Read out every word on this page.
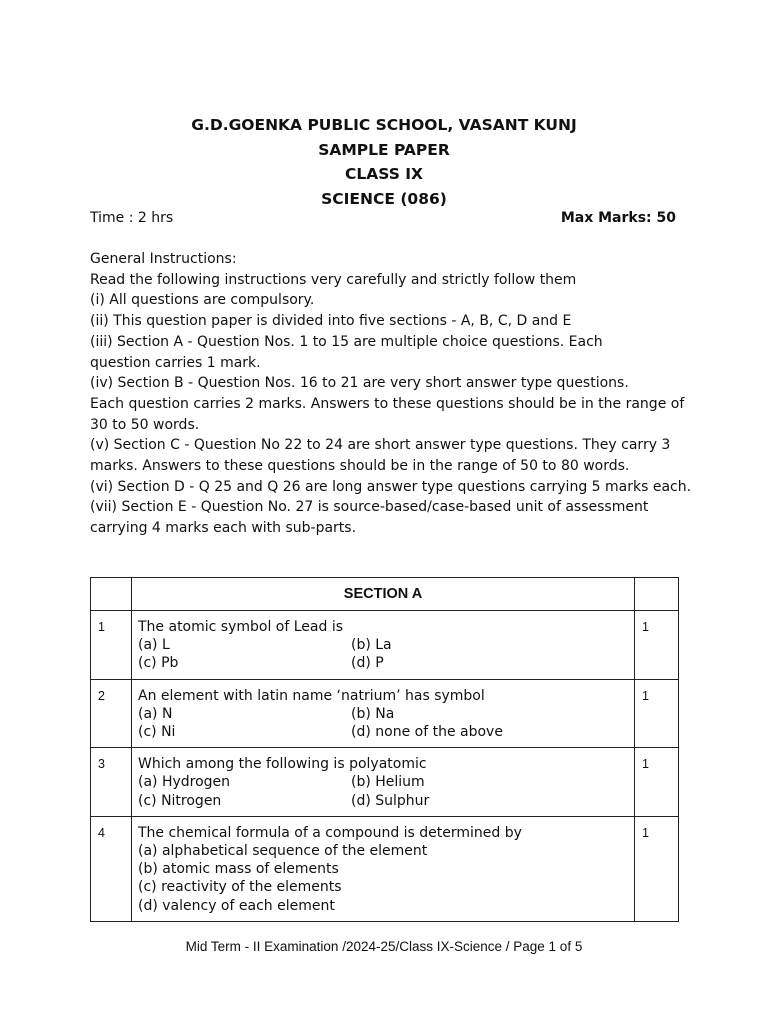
G.D.GOENKA PUBLIC SCHOOL, VASANT KUNJ
SAMPLE PAPER
CLASS IX
SCIENCE (086)
Time : 2 hrs	Max Marks: 50
General Instructions:
Read the following instructions very carefully and strictly follow them
(i) All questions are compulsory.
(ii) This question paper is divided into five sections - A, B, C, D and E
(iii) Section A - Question Nos. 1 to 15 are multiple choice questions. Each
question carries 1 mark.
(iv) Section B - Question Nos. 16 to 21 are very short answer type questions.
Each question carries 2 marks. Answers to these questions should be in the range of
30 to 50 words.
(v) Section C - Question No 22 to 24 are short answer type questions. They carry 3
marks. Answers to these questions should be in the range of 50 to 80 words.
(vi) Section D - Q 25 and Q 26 are long answer type questions carrying 5 marks each.
(vii) Section E - Question No. 27 is source-based/case-based unit of assessment
carrying 4 marks each with sub-parts.
	SECTION A	
1	The atomic symbol of Lead is
(a) L (b) La
(c) Pb (d) P	1
2	An element with latin name ‘natrium’ has symbol
(a) N (b) Na
(c) Ni (d) none of the above	1
3	Which among the following is polyatomic
(a) Hydrogen (b) Helium
(c) Nitrogen (d) Sulphur	1
4	The chemical formula of a compound is determined by
(a) alphabetical sequence of the element
(b) atomic mass of elements
(c) reactivity of the elements
(d) valency of each element	1
Mid Term - II Examination /2024-25/Class IX-Science / Page 1 of 5
